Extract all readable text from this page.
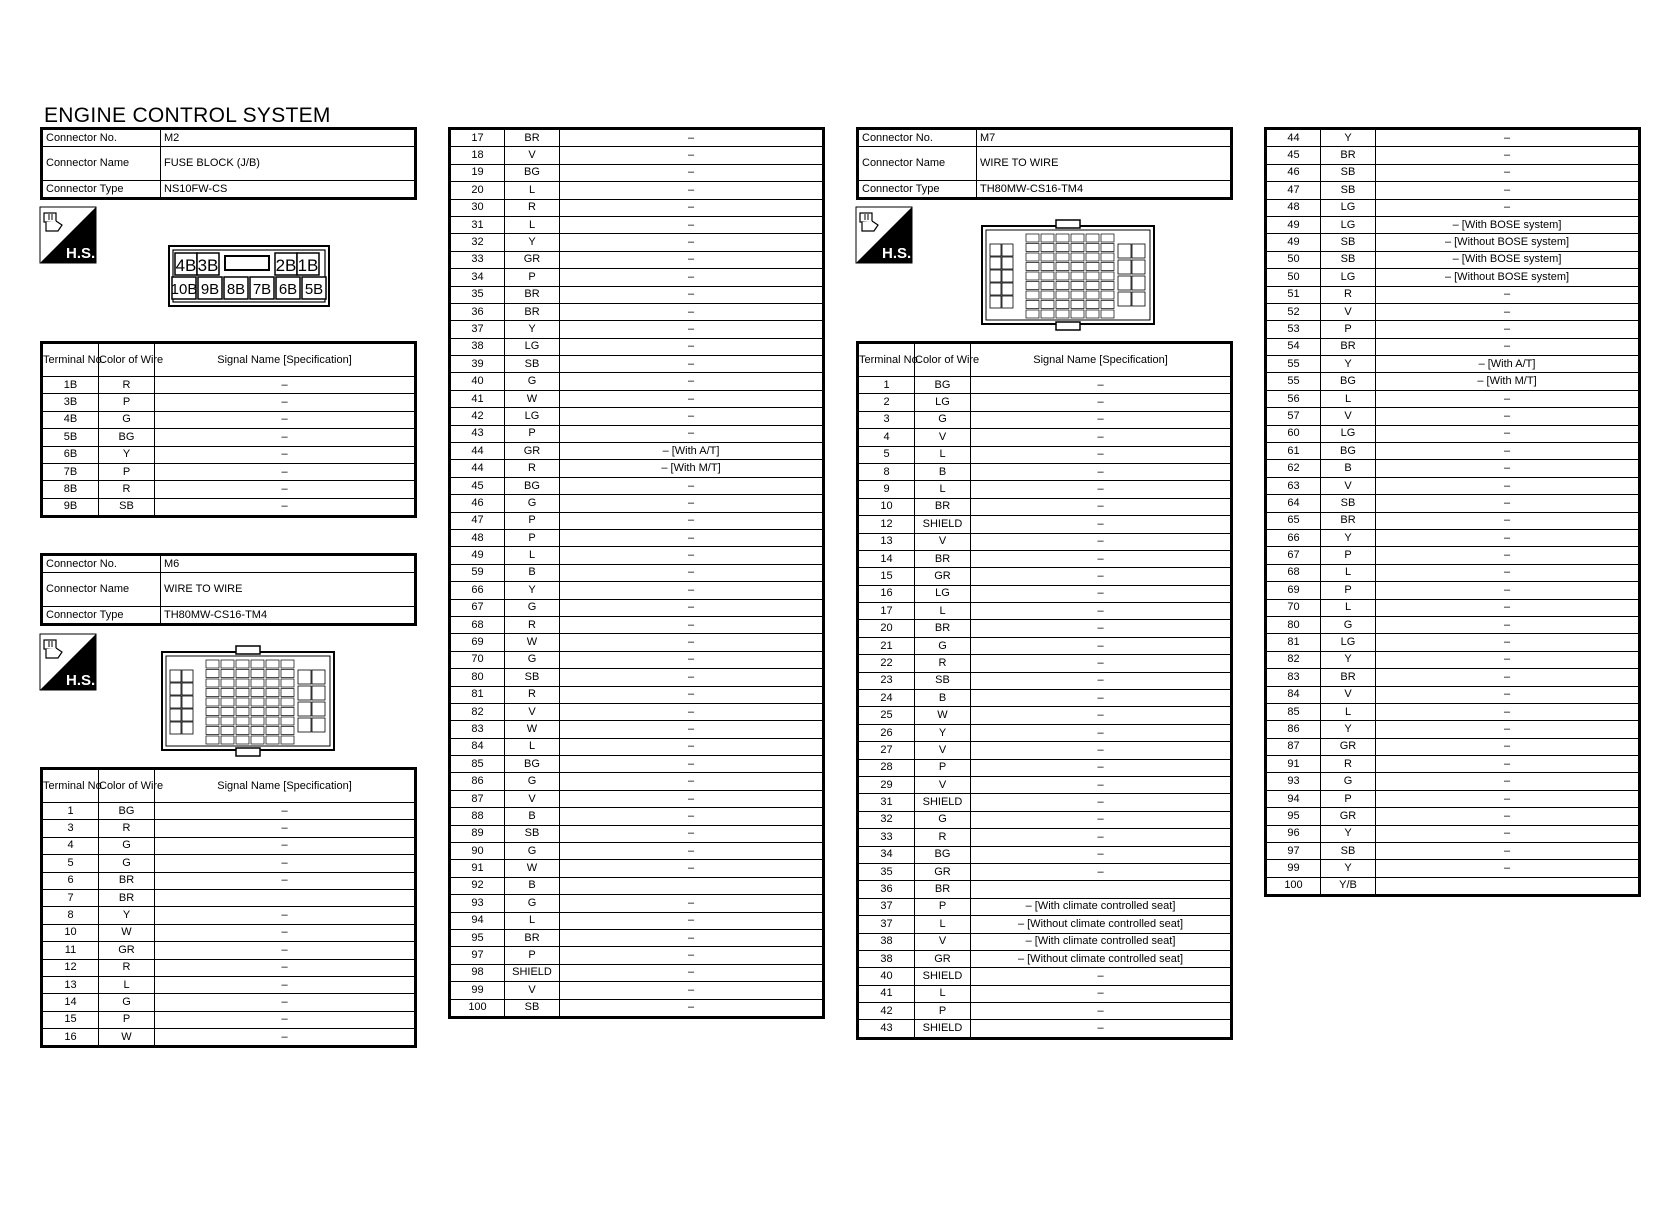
ENGINE CONTROL SYSTEM
Connector No.	M2
Connector Name	FUSE BLOCK (J/B)
Connector Type	NS10FW-CS
H.S.
4B 3B	2B 1B
10B 9B 8B 7B 6B 5B
Terminal No.	Color of Wire	Signal Name [Specification]
1B	R	–
3B	P	–
4B	G	–
5B	BG	–
6B	Y	–
7B	P	–
8B	R	–
9B	SB	–
Connector No.	M6
Connector Name	WIRE TO WIRE
Connector Type	TH80MW-CS16-TM4
H.S.
Terminal No.	Color of Wire	Signal Name [Specification]
1	BG	–
3	R	–
4	G	–
5	G	–
6	BR	–
7	BR	
8	Y	–
10	W	–
11	GR	–
12	R	–
13	L	–
14	G	–
15	P	–
16	W	–
17	BR	–
18	V	–
19	BG	–
20	L	–
30	R	–
31	L	–
32	Y	–
33	GR	–
34	P	–
35	BR	–
36	BR	–
37	Y	–
38	LG	–
39	SB	–
40	G	–
41	W	–
42	LG	–
43	P	–
44	GR	– [With A/T]
44	R	– [With M/T]
45	BG	–
46	G	–
47	P	–
48	P	–
49	L	–
59	B	–
66	Y	–
67	G	–
68	R	–
69	W	–
70	G	–
80	SB	–
81	R	–
82	V	–
83	W	–
84	L	–
85	BG	–
86	G	–
87	V	–
88	B	–
89	SB	–
90	G	–
91	W	–
92	B	
93	G	–
94	L	–
95	BR	–
97	P	–
98	SHIELD	–
99	V	–
100	SB	–
Connector No.	M7
Connector Name	WIRE TO WIRE
Connector Type	TH80MW-CS16-TM4
H.S.
Terminal No.	Color of Wire	Signal Name [Specification]
1	BG	–
2	LG	–
3	G	–
4	V	–
5	L	–
8	B	–
9	L	–
10	BR	–
12	SHIELD	–
13	V	–
14	BR	–
15	GR	–
16	LG	–
17	L	–
20	BR	–
21	G	–
22	R	–
23	SB	–
24	B	–
25	W	–
26	Y	–
27	V	–
28	P	–
29	V	–
31	SHIELD	–
32	G	–
33	R	–
34	BG	–
35	GR	–
36	BR	
37	P	– [With climate controlled seat]
37	L	– [Without climate controlled seat]
38	V	– [With climate controlled seat]
38	GR	– [Without climate controlled seat]
40	SHIELD	–
41	L	–
42	P	–
43	SHIELD	–
44	Y	–
45	BR	–
46	SB	–
47	SB	–
48	LG	–
49	LG	– [With BOSE system]
49	SB	– [Without BOSE system]
50	SB	– [With BOSE system]
50	LG	– [Without BOSE system]
51	R	–
52	V	–
53	P	–
54	BR	–
55	Y	– [With A/T]
55	BG	– [With M/T]
56	L	–
57	V	–
60	LG	–
61	BG	–
62	B	–
63	V	–
64	SB	–
65	BR	–
66	Y	–
67	P	–
68	L	–
69	P	–
70	L	–
80	G	–
81	LG	–
82	Y	–
83	BR	–
84	V	–
85	L	–
86	Y	–
87	GR	–
91	R	–
93	G	–
94	P	–
95	GR	–
96	Y	–
97	SB	–
99	Y	–
100	Y/B	
